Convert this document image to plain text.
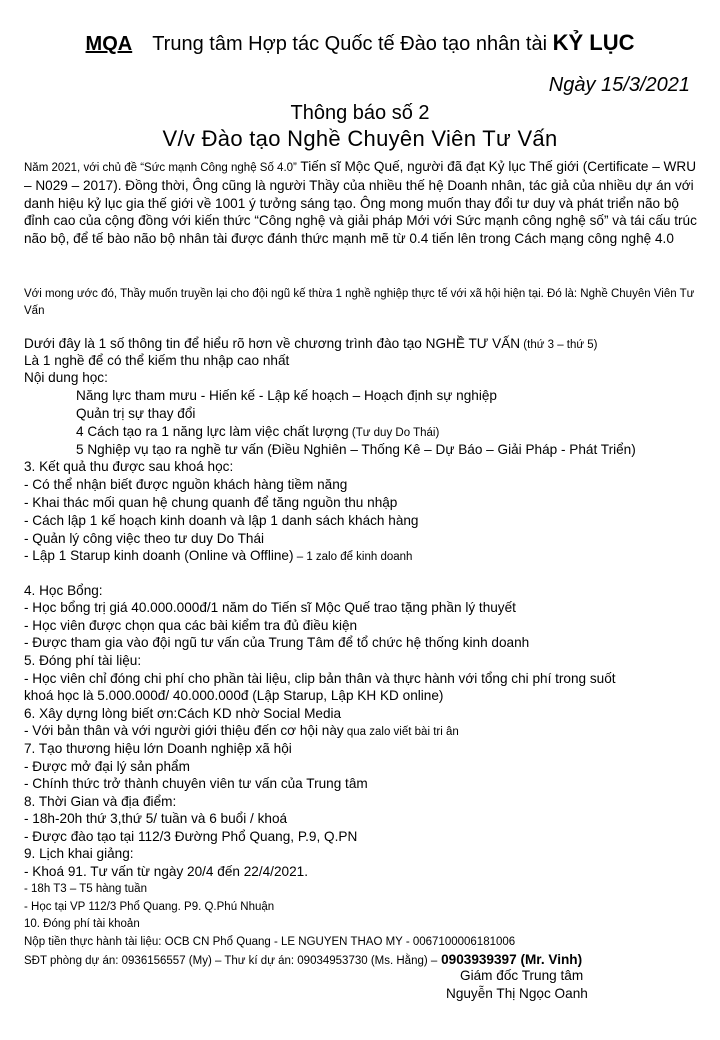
MQA Trung tâm Hợp tác Quốc tế Đào tạo nhân tài KỶ LỤC
Ngày 15/3/2021
Thông báo số 2
V/v Đào tạo Nghề Chuyên Viên Tư Vấn
Năm 2021, với chủ đề “Sức mạnh Công nghệ Số 4.0” Tiến sĩ Mộc Quế, người đã đạt Kỷ lục Thế giới (Certificate – WRU – N029 – 2017). Đồng thời, Ông cũng là người Thầy của nhiều thế hệ Doanh nhân, tác giả của nhiều dự án với danh hiệu kỷ lục gia thế giới về 1001 ý tưởng sáng tạo. Ông mong muốn thay đổi tư duy và phát triển não bộ đỉnh cao của cộng đồng với kiến thức “Công nghệ và giải pháp Mới với Sức mạnh công nghệ số” và tái cấu trúc não bộ, để tế bào não bộ nhân tài được đánh thức mạnh mẽ từ 0.4 tiến lên trong Cách mạng công nghệ 4.0
Với mong ước đó, Thầy muốn truyền lại cho đội ngũ kế thừa 1 nghề nghiệp thực tế với xã hội hiện tại. Đó là: Nghề Chuyên Viên Tư Vấn
Dưới đây là 1 số thông tin để hiểu rõ hơn về chương trình đào tạo NGHỀ TƯ VẤN (thứ 3 – thứ 5)
Là 1 nghề để có thể kiếm thu nhập cao nhất
Nội dung học:
Năng lực tham mưu - Hiến kế - Lập kế hoạch – Hoạch định sự nghiệp
Quản trị sự thay đổi
4 Cách tạo ra 1 năng lực làm việc chất lượng (Tư duy Do Thái)
5 Nghiệp vụ tạo ra nghề tư vấn (Điều Nghiên – Thống Kê – Dự Báo – Giải Pháp - Phát Triển)
3. Kết quả thu được sau khoá học:
- Có thể nhận biết được nguồn khách hàng tiềm năng
- Khai thác mối quan hệ chung quanh để tăng nguồn thu nhập
- Cách lập 1 kế hoạch kinh doanh và lập 1 danh sách khách hàng
- Quản lý công việc theo tư duy Do Thái
- Lập 1 Starup kinh doanh (Online và Offline) – 1 zalo để kinh doanh
4. Học Bổng:
- Học bổng trị giá 40.000.000đ/1 năm do Tiến sĩ Mộc Quế trao tặng phần lý thuyết
- Học viên được chọn qua các bài kiểm tra đủ điều kiện
- Được tham gia vào đội ngũ tư vấn của Trung Tâm để tổ chức hệ thống kinh doanh
5. Đóng phí tài liệu:
- Học viên chỉ đóng chi phí cho phần tài liệu, clip bản thân và thực hành với tổng chi phí trong suốt
khoá học là 5.000.000đ/ 40.000.000đ (Lập Starup, Lập KH KD online)
6. Xây dựng lòng biết ơn:Cách KD nhờ Social Media
- Với bản thân và với người giới thiệu đến cơ hội này qua zalo viết bài tri ân
7. Tạo thương hiệu lớn Doanh nghiệp xã hội
- Được mở đại lý sản phẩm
- Chính thức trở thành chuyên viên tư vấn của Trung tâm
8. Thời Gian và địa điểm:
- 18h-20h thứ 3,thứ 5/ tuần và 6 buổi / khoá
- Được đào tạo tại 112/3 Đường Phổ Quang, P.9, Q.PN
9. Lịch khai giảng:
- Khoá 91. Tư vấn từ ngày 20/4 đến 22/4/2021.
- 18h T3 – T5 hàng tuần
- Học tại VP 112/3 Phổ Quang. P9. Q.Phú Nhuận
10. Đóng phí tài khoản
Nộp tiền thực hành tài liệu: OCB CN Phổ Quang - LE NGUYEN THAO MY - 0067100006181006
SĐT phòng dự án: 0936156557 (My) – Thư kí dự án: 09034953730 (Ms. Hằng) – 0903939397 (Mr. Vinh)
Giám đốc Trung tâm
Nguyễn Thị Ngọc Oanh
